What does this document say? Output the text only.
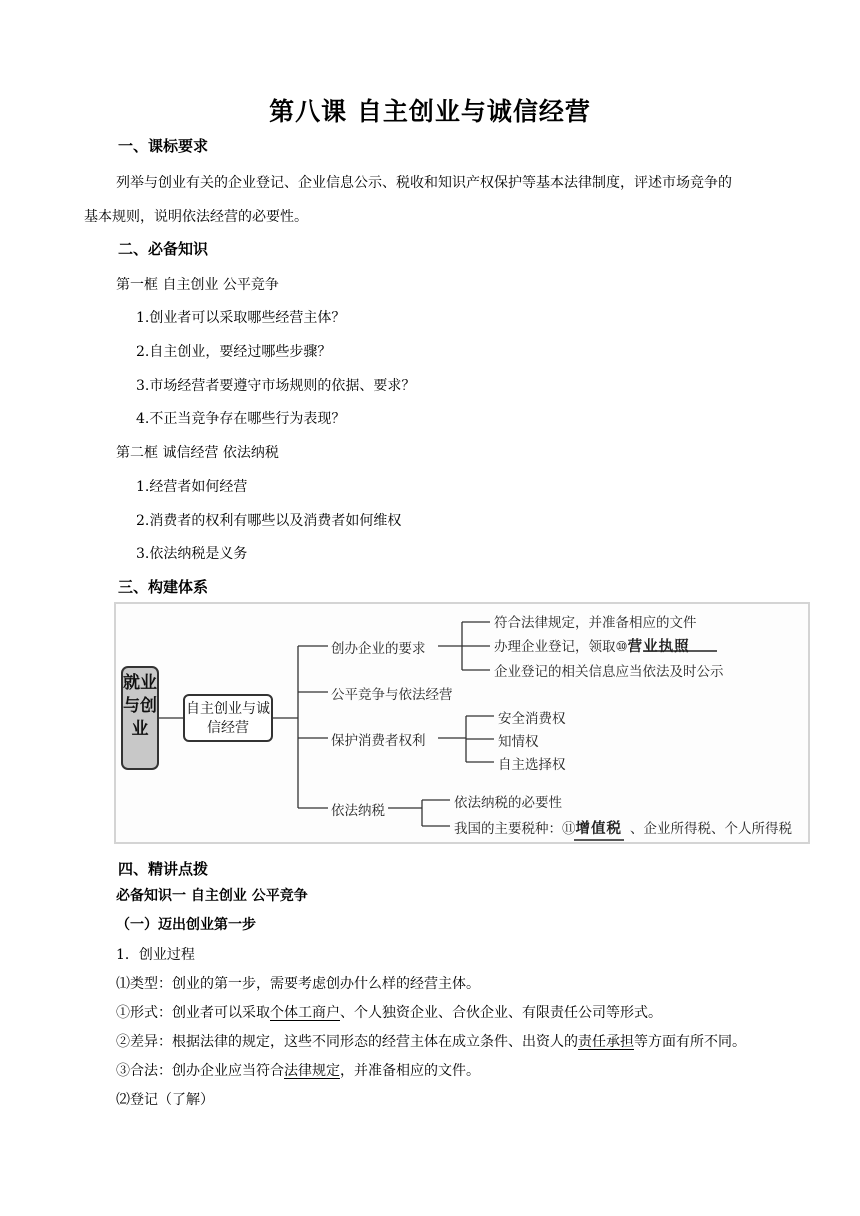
第八课 自主创业与诚信经营
一、课标要求
列举与创业有关的企业登记、企业信息公示、税收和知识产权保护等基本法律制度，评述市场竞争的
基本规则，说明依法经营的必要性。
二、必备知识
第一框 自主创业 公平竞争
1.创业者可以采取哪些经营主体？
2.自主创业，要经过哪些步骤？
3.市场经营者要遵守市场规则的依据、要求？
4.不正当竞争存在哪些行为表现？
第二框 诚信经营 依法纳税
1.经营者如何经营
2.消费者的权利有哪些以及消费者如何维权
3.依法纳税是义务
三、构建体系
就业与创业
自主创业与诚信经营
创办企业的要求
符合法律规定，并准备相应的文件
办理企业登记，领取⑩营业执照
企业登记的相关信息应当依法及时公示
公平竞争与依法经营
保护消费者权利
安全消费权
知情权
自主选择权
依法纳税	依法纳税的必要性
我国的主要税种：⑪增值税 、企业所得税、个人所得税
四、精讲点拨
必备知识一 自主创业 公平竞争
（一）迈出创业第一步
1．创业过程
⑴类型：创业的第一步，需要考虑创办什么样的经营主体。
①形式：创业者可以采取个体工商户、个人独资企业、合伙企业、有限责任公司等形式。
②差异：根据法律的规定，这些不同形态的经营主体在成立条件、出资人的责任承担等方面有所不同。
③合法：创办企业应当符合法律规定，并准备相应的文件。
⑵登记（了解）
